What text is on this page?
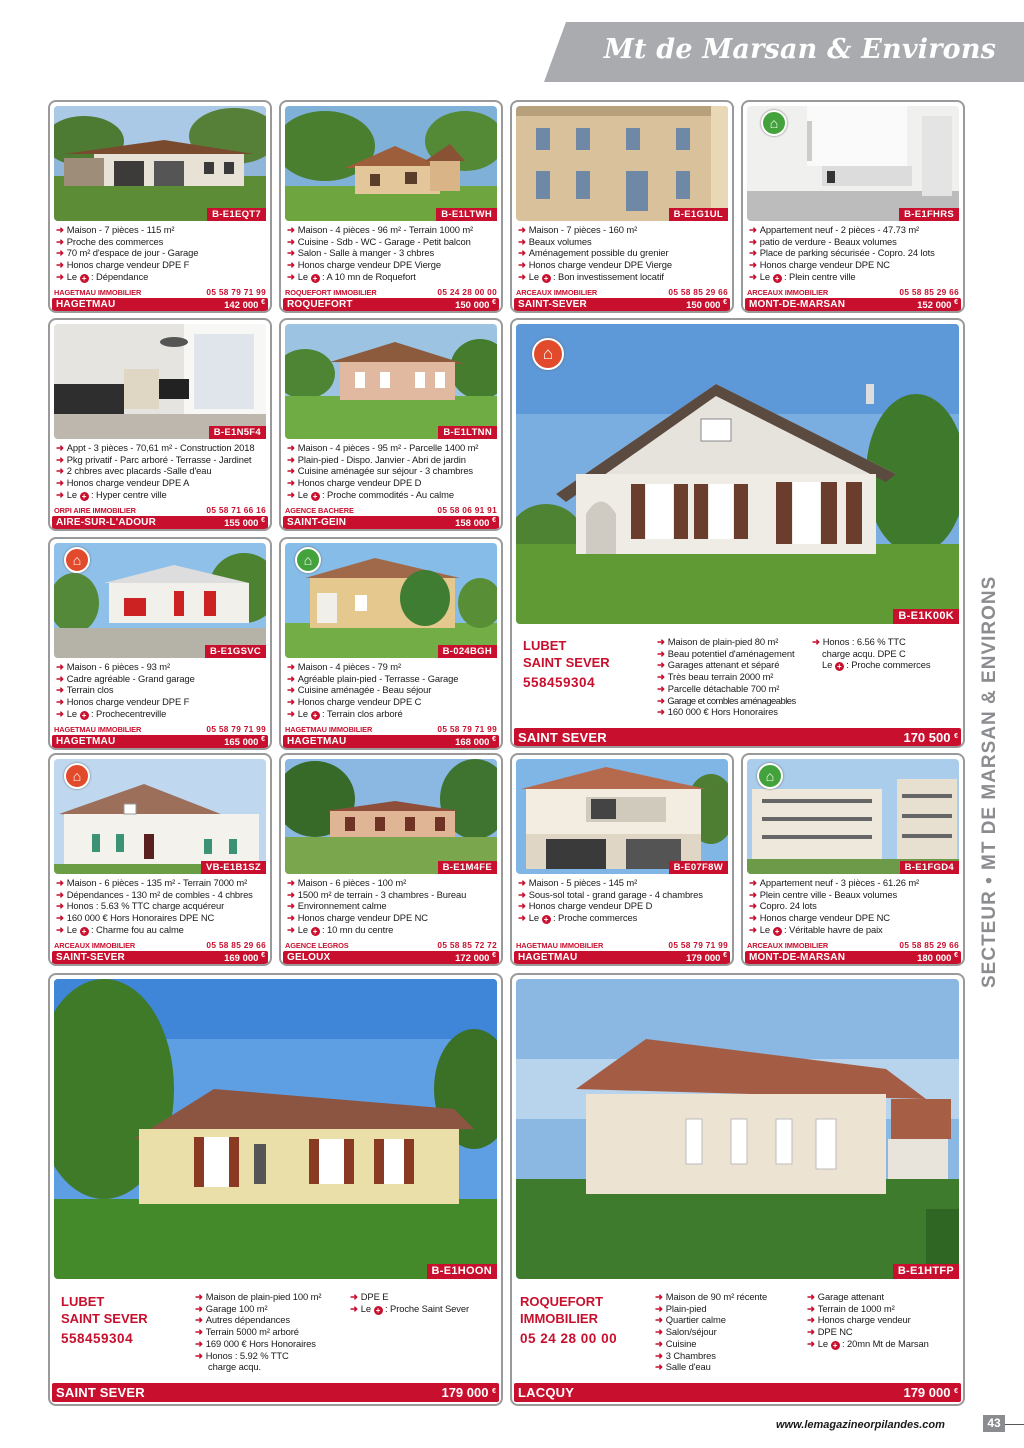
Mt de Marsan & Environs
SECTEUR • MT DE MARSAN & ENVIRONS
B-E1EQT7
➜ Maison - 7 pièces - 115 m²
➜ Proche des commerces
➜ 70 m² d'espace de jour - Garage
➜ Honos charge vendeur DPE F
➜ Le + : Dépendance
HAGETMAU IMMOBILIER	05 58 79 71 99
HAGETMAU	142 000 €
B-E1LTWH
➜ Maison - 4 pièces - 96 m² - Terrain 1000 m²
➜ Cuisine - Sdb - WC - Garage - Petit balcon
➜ Salon - Salle à manger - 3 chbres
➜ Honos charge vendeur DPE Vierge
➜ Le + : A 10 mn de Roquefort
ROQUEFORT IMMOBILIER	05 24 28 00 00
ROQUEFORT	150 000 €
B-E1G1UL
➜ Maison - 7 pièces - 160 m²
➜ Beaux volumes
➜ Aménagement possible du grenier
➜ Honos charge vendeur DPE Vierge
➜ Le + : Bon investissement locatif
ARCEAUX IMMOBILIER	05 58 85 29 66
SAINT-SEVER	150 000 €
⌂
B-E1FHRS
➜ Appartement neuf - 2 pièces - 47.73 m²
➜ patio de verdure - Beaux volumes
➜ Place de parking sécurisée - Copro. 24 lots
➜ Honos charge vendeur DPE NC
➜ Le + : Plein centre ville
ARCEAUX IMMOBILIER	05 58 85 29 66
MONT-DE-MARSAN	152 000 €
B-E1N5F4
➜ Appt - 3 pièces - 70,61 m² - Construction 2018
➜ Pkg privatif - Parc arboré - Terrasse - Jardinet
➜ 2 chbres avec placards -Salle d'eau
➜ Honos charge vendeur DPE A
➜ Le + : Hyper centre ville
ORPI AIRE IMMOBILIER	05 58 71 66 16
AIRE-SUR-L'ADOUR	155 000 €
B-E1LTNN
➜ Maison - 4 pièces - 95 m² - Parcelle 1400 m²
➜ Plain-pied - Dispo. Janvier - Abri de jardin
➜ Cuisine aménagée sur séjour - 3 chambres
➜ Honos charge vendeur DPE D
➜ Le + : Proche commodités - Au calme
AGENCE BACHERE	05 58 06 91 91
SAINT-GEIN	158 000 €
⌂
B-E1K00K
LUBET
SAINT SEVER
558459304
➜ Maison de plain-pied 80 m²
➜ Beau potentiel d'aménagement
➜ Garages attenant et séparé
➜ Très beau terrain 2000 m²
➜ Parcelle détachable 700 m²
➜ Garage et combles aménageables
➜ 160 000 € Hors Honoraires
➜ Honos : 6.56 % TTC
charge acqu. DPE C
Le + : Proche commerces
SAINT SEVER	170 500 €
⌂
B-E1GSVC
➜ Maison - 6 pièces - 93 m²
➜ Cadre agréable - Grand garage
➜ Terrain clos
➜ Honos charge vendeur DPE F
➜ Le + : Prochecentreville
HAGETMAU IMMOBILIER	05 58 79 71 99
HAGETMAU	165 000 €
⌂
B-024BGH
➜ Maison - 4 pièces - 79 m²
➜ Agréable plain-pied - Terrasse - Garage
➜ Cuisine aménagée - Beau séjour
➜ Honos charge vendeur DPE C
➜ Le + : Terrain clos arboré
HAGETMAU IMMOBILIER	05 58 79 71 99
HAGETMAU	168 000 €
⌂
VB-E1B1SZ
➜ Maison - 6 pièces - 135 m² - Terrain 7000 m²
➜ Dépendances - 130 m² de combles - 4 chbres
➜ Honos : 5.63 % TTC charge acquéreur
➜ 160 000 € Hors Honoraires DPE NC
➜ Le + : Charme fou au calme
ARCEAUX IMMOBILIER	05 58 85 29 66
SAINT-SEVER	169 000 €
B-E1M4FE
➜ Maison - 6 pièces - 100 m²
➜ 1500 m² de terrain - 3 chambres - Bureau
➜ Environnement calme
➜ Honos charge vendeur DPE NC
➜ Le + : 10 mn du centre
AGENCE LEGROS	05 58 85 72 72
GELOUX	172 000 €
B-E07F8W
➜ Maison - 5 pièces - 145 m²
➜ Sous-sol total - grand garage - 4 chambres
➜ Honos charge vendeur DPE D
➜ Le + : Proche commerces
HAGETMAU IMMOBILIER	05 58 79 71 99
HAGETMAU	179 000 €
⌂
B-E1FGD4
➜ Appartement neuf - 3 pièces - 61.26 m²
➜ Plein centre ville - Beaux volumes
➜ Copro. 24 lots
➜ Honos charge vendeur DPE NC
➜ Le + : Véritable havre de paix
ARCEAUX IMMOBILIER	05 58 85 29 66
MONT-DE-MARSAN	180 000 €
B-E1HOON
LUBET
SAINT SEVER
558459304
➜ Maison de plain-pied 100 m²
➜ Garage 100 m²
➜ Autres dépendances
➜ Terrain 5000 m² arboré
➜ 169 000 € Hors Honoraires
➜ Honos : 5.92 % TTC
charge acqu.
➜ DPE E
➜ Le + : Proche Saint Sever
SAINT SEVER	179 000 €
B-E1HTFP
ROQUEFORT
IMMOBILIER
05 24 28 00 00
➜ Maison de 90 m² récente
➜ Plain-pied
➜ Quartier calme
➜ Salon/séjour
➜ Cuisine
➜ 3 Chambres
➜ Salle d'eau
➜ Garage attenant
➜ Terrain de 1000 m²
➜ Honos charge vendeur
➜ DPE NC
➜ Le + : 20mn Mt de Marsan
LACQUY	179 000 €
www.lemagazineorpilandes.com	43
